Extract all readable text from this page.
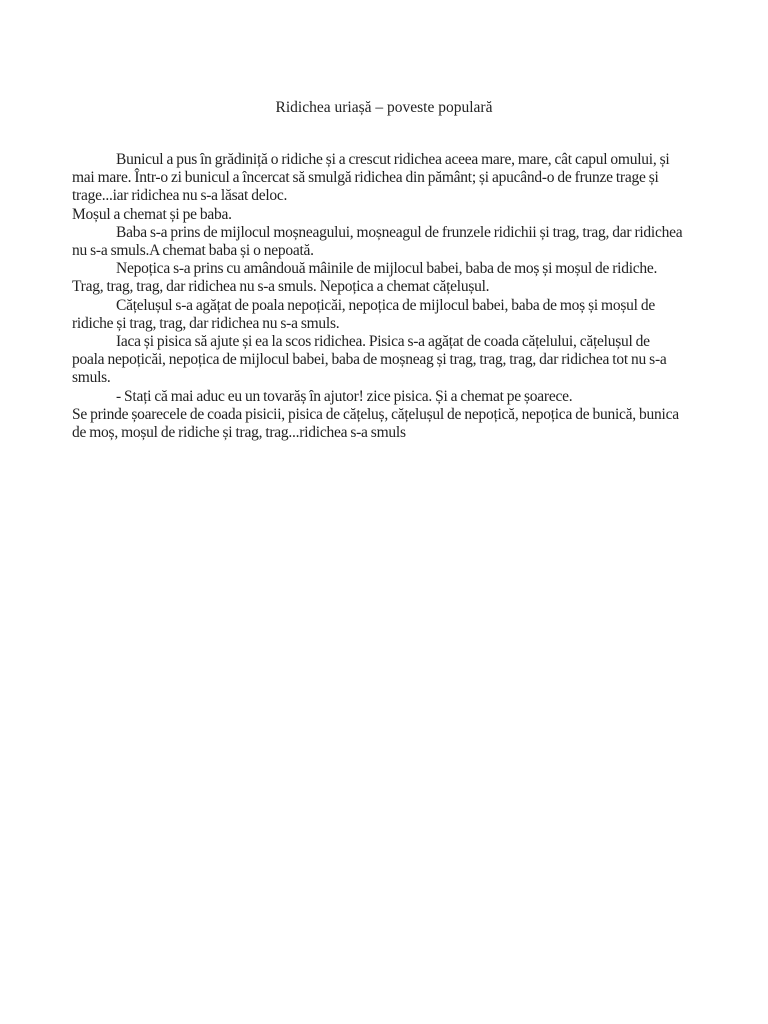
Ridichea uriașă – poveste populară
Bunicul a pus în grădiniță o ridiche și a crescut ridichea aceea mare, mare, cât capul omului, și
mai mare. Într-o zi bunicul a încercat să smulgă ridichea din pământ; și apucând-o de frunze trage și
trage...iar ridichea nu s-a lăsat deloc.
Moșul a chemat și pe baba.
Baba s-a prins de mijlocul moșneagului, moșneagul de frunzele ridichii și trag, trag, dar ridichea
nu s-a smuls.A chemat baba și o nepoată.
Nepoțica s-a prins cu amândouă mâinile de mijlocul babei, baba de moș și moșul de ridiche.
Trag, trag, trag, dar ridichea nu s-a smuls. Nepoțica a chemat cățelușul.
Cățelușul s-a agățat de poala nepoțicăi, nepoțica de mijlocul babei, baba de moș și moșul de
ridiche și trag, trag, dar ridichea nu s-a smuls.
Iaca și pisica să ajute și ea la scos ridichea. Pisica s-a agățat de coada cățelului, cățelușul de
poala nepoțicăi, nepoțica de mijlocul babei, baba de moșneag și trag, trag, trag, dar ridichea tot nu s-a
smuls.
- Stați că mai aduc eu un tovarăș în ajutor! zice pisica. Și a chemat pe șoarece.
Se prinde șoarecele de coada pisicii, pisica de cățeluș, cățelușul de nepoțică, nepoțica de bunică, bunica
de moș, moșul de ridiche și trag, trag...ridichea s-a smuls
